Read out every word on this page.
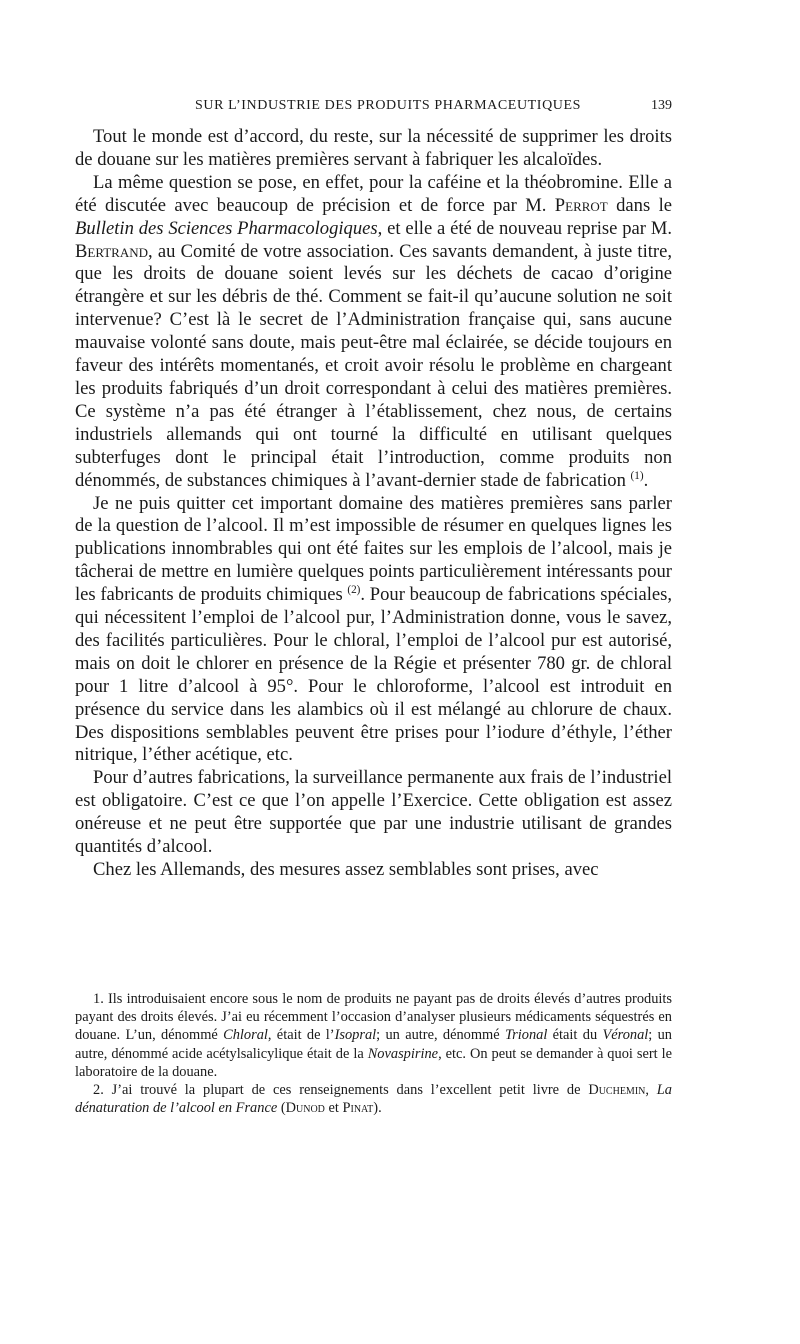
SUR L’INDUSTRIE DES PRODUITS PHARMACEUTIQUES	139

Tout le monde est d’accord, du reste, sur la nécessité de supprimer les droits de douane sur les matières premières servant à fabriquer les alcaloïdes.

La même question se pose, en effet, pour la caféine et la théobromine. Elle a été discutée avec beaucoup de précision et de force par M. Perrot dans le Bulletin des Sciences Pharmacologiques, et elle a été de nouveau reprise par M. Bertrand, au Comité de votre association. Ces savants demandent, à juste titre, que les droits de douane soient levés sur les déchets de cacao d’origine étrangère et sur les débris de thé. Comment se fait-il qu’aucune solution ne soit intervenue? C’est là le secret de l’Administration française qui, sans aucune mauvaise volonté sans doute, mais peut-être mal éclairée, se décide toujours en faveur des intérêts momentanés, et croit avoir résolu le problème en chargeant les produits fabriqués d’un droit correspondant à celui des matières premières. Ce système n’a pas été étranger à l’établissement, chez nous, de certains industriels allemands qui ont tourné la difficulté en utilisant quelques subterfuges dont le principal était l’introduction, comme produits non dénommés, de substances chimiques à l’avant-dernier stade de fabrication $^{(1)}$.

Je ne puis quitter cet important domaine des matières premières sans parler de la question de l’alcool. Il m’est impossible de résumer en quelques lignes les publications innombrables qui ont été faites sur les emplois de l’alcool, mais je tâcherai de mettre en lumière quelques points particulièrement intéressants pour les fabricants de produits chimiques $^{(2)}$. Pour beaucoup de fabrications spéciales, qui nécessitent l’emploi de l’alcool pur, l’Administration donne, vous le savez, des facilités particulières. Pour le chloral, l’emploi de l’alcool pur est autorisé, mais on doit le chlorer en présence de la Régie et présenter 780 gr. de chloral pour 1 litre d’alcool à 95°. Pour le chloroforme, l’alcool est introduit en présence du service dans les alambics où il est mélangé au chlorure de chaux. Des dispositions semblables peuvent être prises pour l’iodure d’éthyle, l’éther nitrique, l’éther acétique, etc.

Pour d’autres fabrications, la surveillance permanente aux frais de l’industriel est obligatoire. C’est ce que l’on appelle l’Exercice. Cette obligation est assez onéreuse et ne peut être supportée que par une industrie utilisant de grandes quantités d’alcool.

Chez les Allemands, des mesures assez semblables sont prises, avec

1. Ils introduisaient encore sous le nom de produits ne payant pas de droits élevés d’autres produits payant des droits élevés. J’ai eu récemment l’occasion d’analyser plusieurs médicaments séquestrés en douane. L’un, dénommé Chloral, était de l’Isopral; un autre, dénommé Trional était du Véronal; un autre, dénommé acide acétylsalicylique était de la Novaspirine, etc. On peut se demander à quoi sert le laboratoire de la douane.

2. J’ai trouvé la plupart de ces renseignements dans l’excellent petit livre de Duchemin, La dénaturation de l’alcool en France (Dunod et Pinat).
